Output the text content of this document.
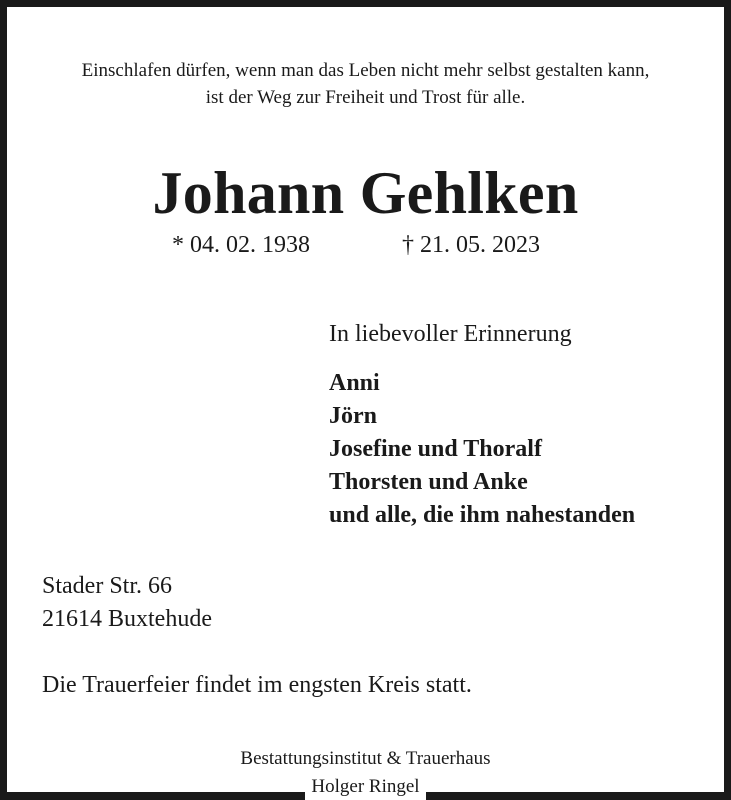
Einschlafen dürfen, wenn man das Leben nicht mehr selbst gestalten kann,
ist der Weg zur Freiheit und Trost für alle.
Johann Gehlken
* 04. 02. 1938	† 21. 05. 2023
In liebevoller Erinnerung
Anni
Jörn
Josefine und Thoralf
Thorsten und Anke
und alle, die ihm nahestanden
Stader Str. 66
21614 Buxtehude
Die Trauerfeier findet im engsten Kreis statt.
Bestattungsinstitut & Trauerhaus
Holger Ringel
